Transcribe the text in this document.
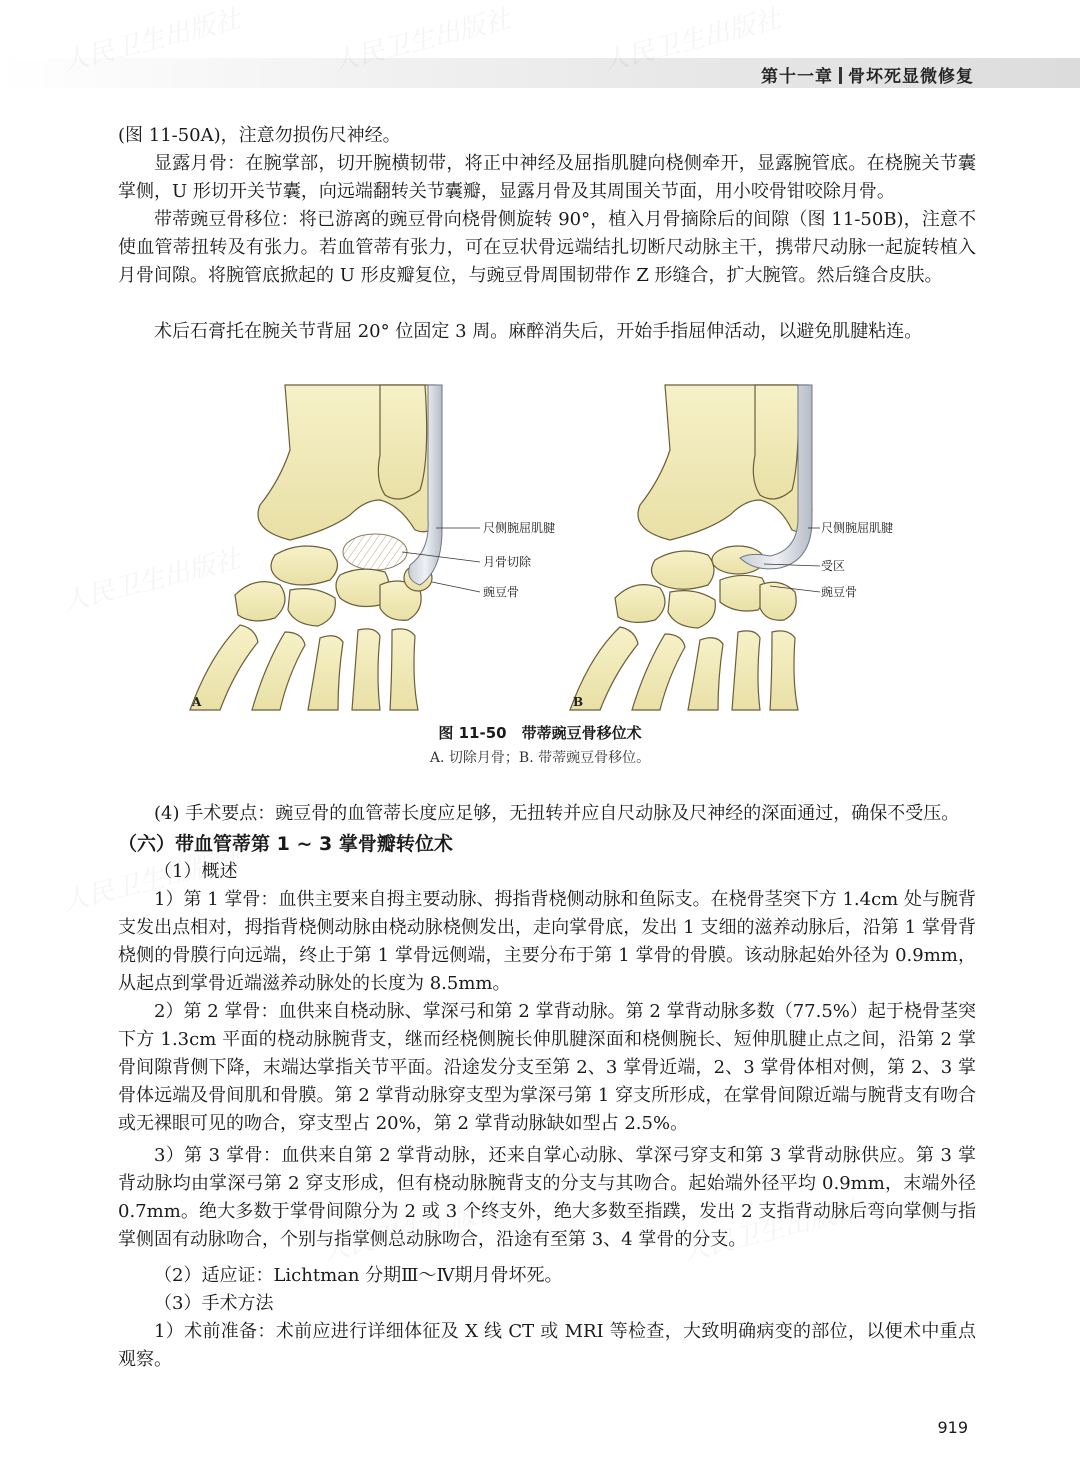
第十一章 骨坏死显微修复

(图 11-50A)，注意勿损伤尺神经。

显露月骨：在腕掌部，切开腕横韧带，将正中神经及屈指肌腱向桡侧牵开，显露腕管底。在桡腕关节囊掌侧，U 形切开关节囊，向远端翻转关节囊瓣，显露月骨及其周围关节面，用小咬骨钳咬除月骨。

带蒂豌豆骨移位：将已游离的豌豆骨向桡骨侧旋转 90°，植入月骨摘除后的间隙（图 11-50B)，注意不使血管蒂扭转及有张力。若血管蒂有张力，可在豆状骨远端结扎切断尺动脉主干，携带尺动脉一起旋转植入月骨间隙。将腕管底掀起的 U 形皮瓣复位，与豌豆骨周围韧带作 Z 形缝合，扩大腕管。然后缝合皮肤。

术后石膏托在腕关节背屈 20° 位固定 3 周。麻醉消失后，开始手指屈伸活动，以避免肌腱粘连。

尺侧腕屈肌腱
月骨切除
豌豆骨
A
尺侧腕屈肌腱
受区
豌豆骨
B
图 11-50　带蒂豌豆骨移位术
A. 切除月骨；B. 带蒂豌豆骨移位。

(4) 手术要点：豌豆骨的血管蒂长度应足够，无扭转并应自尺动脉及尺神经的深面通过，确保不受压。

（六）带血管蒂第 1 ~ 3 掌骨瓣转位术

（1）概述

1）第 1 掌骨：血供主要来自拇主要动脉、拇指背桡侧动脉和鱼际支。在桡骨茎突下方 1.4cm 处与腕背支发出点相对，拇指背桡侧动脉由桡动脉桡侧发出，走向掌骨底，发出 1 支细的滋养动脉后，沿第 1 掌骨背桡侧的骨膜行向远端，终止于第 1 掌骨远侧端，主要分布于第 1 掌骨的骨膜。该动脉起始外径为 0.9mm，从起点到掌骨近端滋养动脉处的长度为 8.5mm。

2）第 2 掌骨：血供来自桡动脉、掌深弓和第 2 掌背动脉。第 2 掌背动脉多数（77.5%）起于桡骨茎突下方 1.3cm 平面的桡动脉腕背支，继而经桡侧腕长伸肌腱深面和桡侧腕长、短伸肌腱止点之间，沿第 2 掌骨间隙背侧下降，末端达掌指关节平面。沿途发分支至第 2、3 掌骨近端，2、3 掌骨体相对侧，第 2、3 掌骨体远端及骨间肌和骨膜。第 2 掌背动脉穿支型为掌深弓第 1 穿支所形成，在掌骨间隙近端与腕背支有吻合或无裸眼可见的吻合，穿支型占 20%，第 2 掌背动脉缺如型占 2.5%。

3）第 3 掌骨：血供来自第 2 掌背动脉，还来自掌心动脉、掌深弓穿支和第 3 掌背动脉供应。第 3 掌背动脉均由掌深弓第 2 穿支形成，但有桡动脉腕背支的分支与其吻合。起始端外径平均 0.9mm，末端外径 0.7mm。绝大多数于掌骨间隙分为 2 或 3 个终支外，绝大多数至指蹼，发出 2 支指背动脉后弯向掌侧与指掌侧固有动脉吻合，个别与指掌侧总动脉吻合，沿途有至第 3、4 掌骨的分支。

（2）适应证：Lichtman 分期Ⅲ～Ⅳ期月骨坏死。

（3）手术方法

1）术前准备：术前应进行详细体征及 X 线 CT 或 MRI 等检查，大致明确病变的部位，以便术中重点观察。

919
